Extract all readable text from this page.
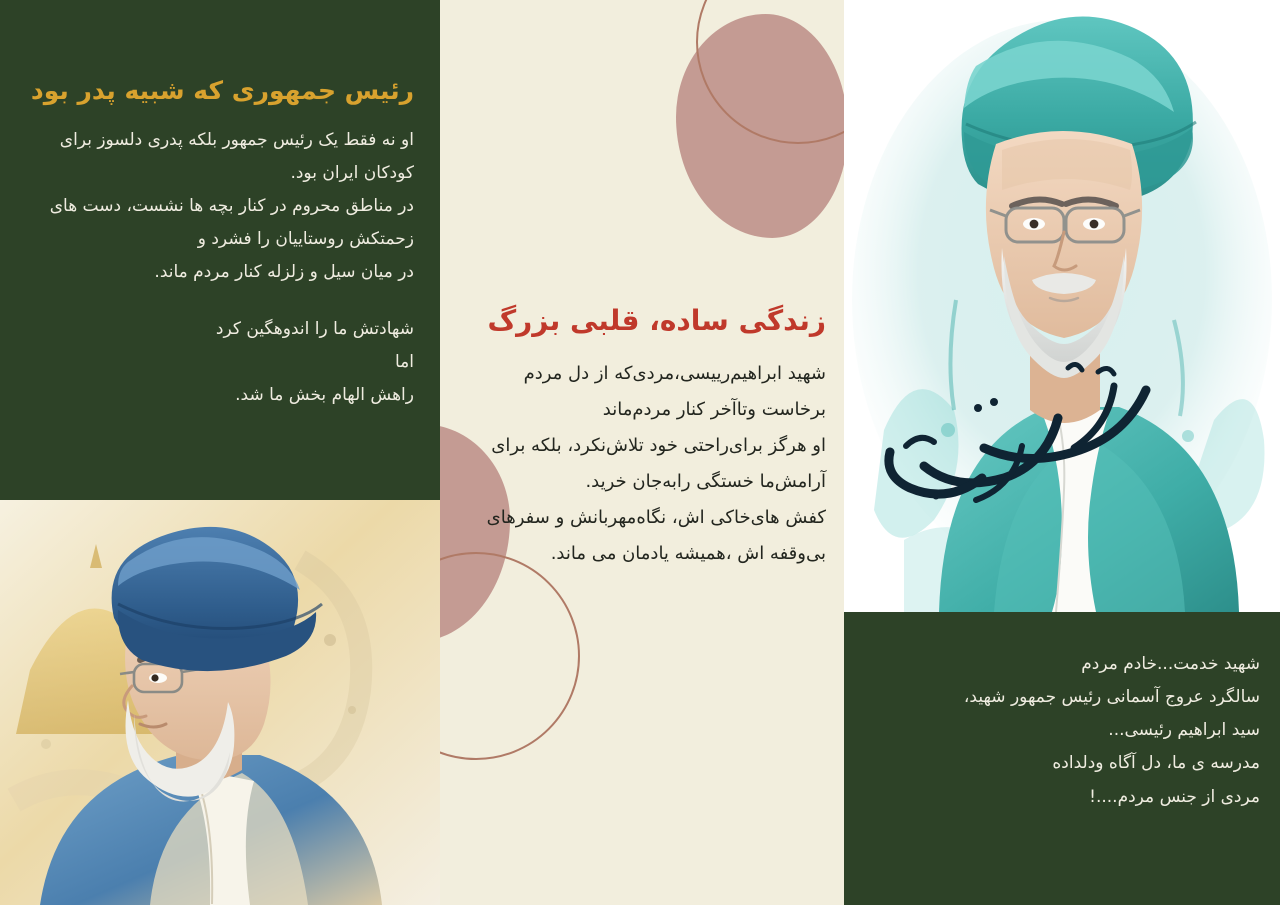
رئیس جمهوری که شبیه پدر بود

او نه فقط یک رئیس جمهور بلکه پدری دلسوز برای کودکان ایران بود.

در مناطق محروم در کنار بچه ها نشست، دست های زحمتکش روستاییان را فشرد و

در میان سیل و زلزله کنار مردم ماند.

شهادتش ما را اندوهگین کرد

اما

راهش الهام بخش ما شد.

زندگی ساده، قلبی بزرگ

شهید ابراهیم‌رییسی،مردی‌که از دل مردم برخاست وتاآخر کنار مردم‌ماند

او هرگز برای‌راحتی خود تلاش‌نکرد، بلکه برای آرامش‌ما خستگی رابه‌جان خرید.

کفش های‌خاکی اش، نگاه‌مهربانش و سفرهای بی‌وقفه اش ،همیشه یادمان می ماند.

شهید خدمت...خادم مردم

سالگرد عروج آسمانی رئیس جمهور شهید،

سید ابراهیم رئیسی...

مدرسه ی ما، دل آگاه ودلداده

مردی از جنس مردم....!
